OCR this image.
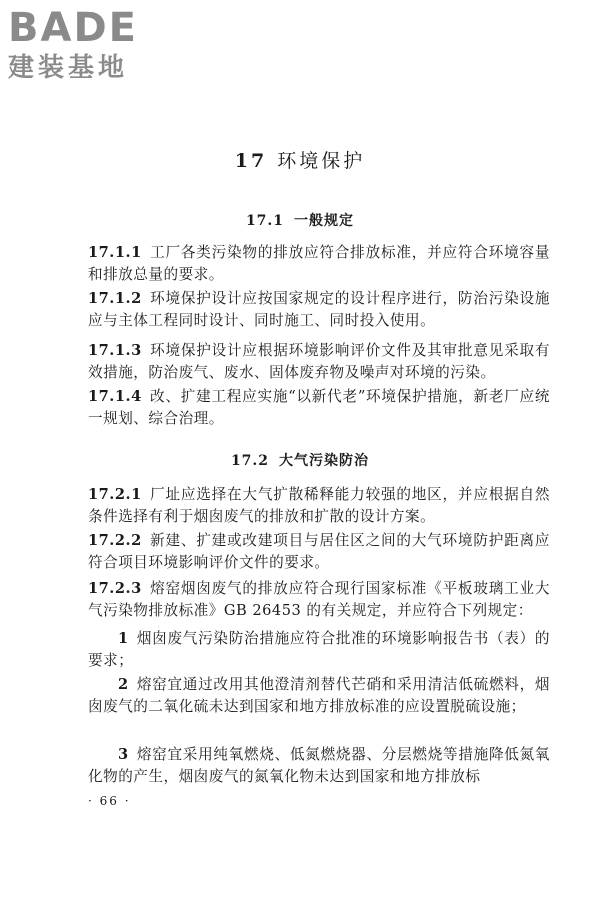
BADE
建装基地
17 环境保护
17.1 一般规定
17.1.1 工厂各类污染物的排放应符合排放标准，并应符合环境容量和排放总量的要求。
17.1.2 环境保护设计应按国家规定的设计程序进行，防治污染设施应与主体工程同时设计、同时施工、同时投入使用。
17.1.3 环境保护设计应根据环境影响评价文件及其审批意见采取有效措施，防治废气、废水、固体废弃物及噪声对环境的污染。
17.1.4 改、扩建工程应实施“以新代老”环境保护措施，新老厂应统一规划、综合治理。
17.2 大气污染防治
17.2.1 厂址应选择在大气扩散稀释能力较强的地区，并应根据自然条件选择有利于烟囱废气的排放和扩散的设计方案。
17.2.2 新建、扩建或改建项目与居住区之间的大气环境防护距离应符合项目环境影响评价文件的要求。
17.2.3 熔窑烟囱废气的排放应符合现行国家标准《平板玻璃工业大气污染物排放标准》GB 26453 的有关规定，并应符合下列规定：
1 烟囱废气污染防治措施应符合批准的环境影响报告书（表）的要求；
2 熔窑宜通过改用其他澄清剂替代芒硝和采用清洁低硫燃料，烟囱废气的二氧化硫未达到国家和地方排放标准的应设置脱硫设施；
3 熔窑宜采用纯氧燃烧、低氮燃烧器、分层燃烧等措施降低氮氧化物的产生，烟囱废气的氮氧化物未达到国家和地方排放标
· 66 ·
